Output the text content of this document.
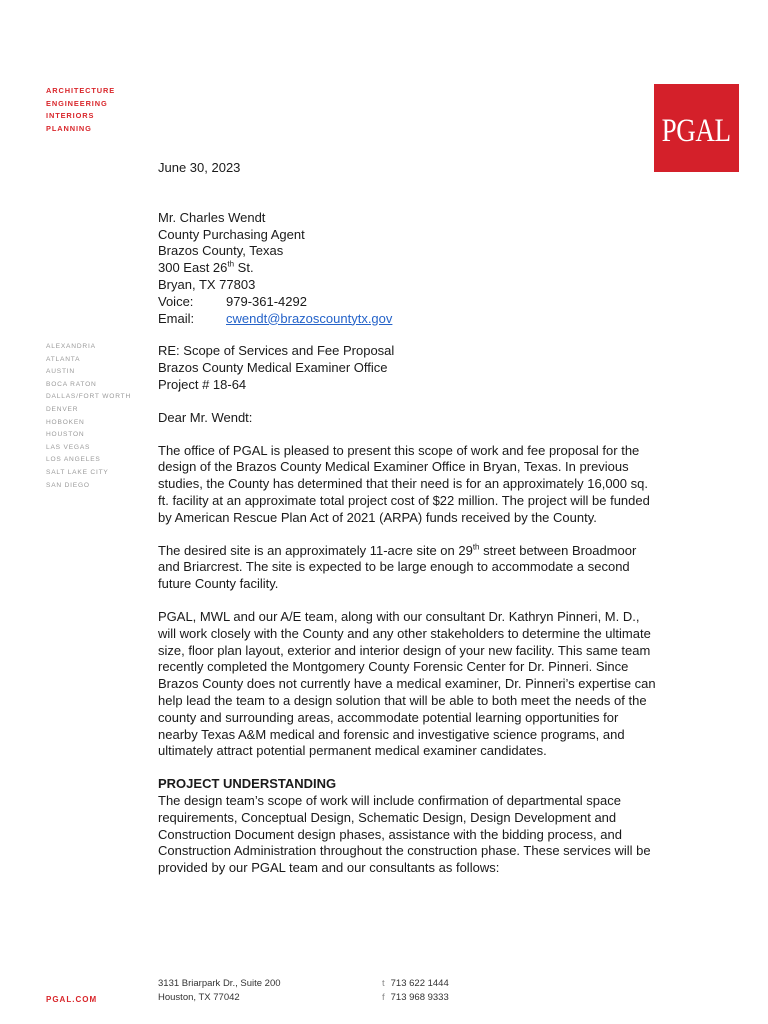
ARCHITECTURE
ENGINEERING
INTERIORS
PLANNING	PGAL
ALEXANDRIA
ATLANTA
AUSTIN
BOCA RATON
DALLAS/FORT WORTH
DENVER
HOBOKEN
HOUSTON
LAS VEGAS
LOS ANGELES
SALT LAKE CITY
SAN DIEGO

June 30, 2023

Mr. Charles Wendt

County Purchasing Agent

Brazos County, Texas

300 East 26th St.

Bryan, TX 77803

Voice:	979-361-4292
Email:	cwendt@brazoscountytx.gov

RE: Scope of Services and Fee Proposal

Brazos County Medical Examiner Office

Project # 18-64

Dear Mr. Wendt:

The office of PGAL is pleased to present this scope of work and fee proposal for the design of the Brazos County Medical Examiner Office in Bryan, Texas. In previous studies, the County has determined that their need is for an approximately 16,000 sq. ft. facility at an approximate total project cost of $22 million. The project will be funded by American Rescue Plan Act of 2021 (ARPA) funds received by the County.

The desired site is an approximately 11-acre site on 29th street between Broadmoor and Briarcrest. The site is expected to be large enough to accommodate a second future County facility.

PGAL, MWL and our A/E team, along with our consultant Dr. Kathryn Pinneri, M. D., will work closely with the County and any other stakeholders to determine the ultimate size, floor plan layout, exterior and interior design of your new facility. This same team recently completed the Montgomery County Forensic Center for Dr. Pinneri. Since Brazos County does not currently have a medical examiner, Dr. Pinneri’s expertise can help lead the team to a design solution that will be able to both meet the needs of the county and surrounding areas, accommodate potential learning opportunities for nearby Texas A&M medical and forensic and investigative science programs, and ultimately attract potential permanent medical examiner candidates.

PROJECT UNDERSTANDING

The design team’s scope of work will include confirmation of departmental space requirements, Conceptual Design, Schematic Design, Design Development and Construction Document design phases, assistance with the bidding process, and Construction Administration throughout the construction phase. These services will be provided by our PGAL team and our consultants as follows:

PGAL.COM
3131 Briarpark Dr., Suite 200
Houston, TX 77042
t 713 622 1444
f 713 968 9333
